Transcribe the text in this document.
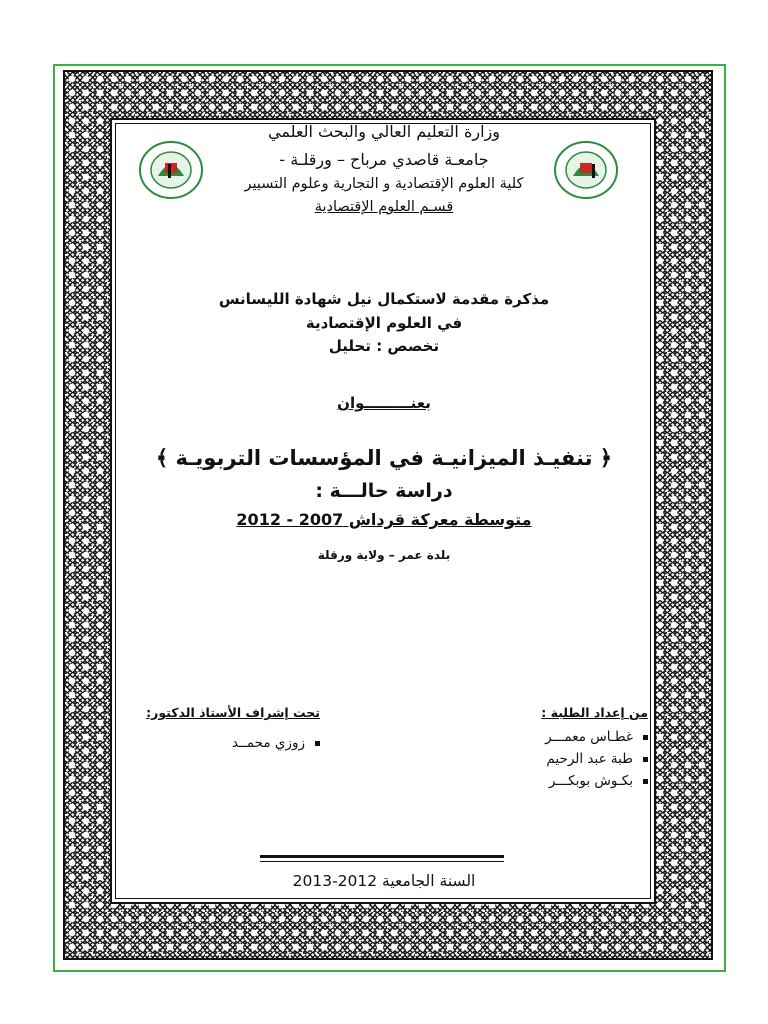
وزارة التعليم العالي والبحث العلمي
جامعـة قاصدي مرباح – ورقلـة -
كلية العلوم الإقتصادية و التجارية وعلوم التسيير
قسـم العلوم الإقتصادية
مذكرة مقدمة لاستكمال نيل شهادة الليسانس
في العلوم الإقتصادية
تخصص : تحليل
بعنـــــــــوان
﴿ تنفيـذ الميزانيـة في المؤسسات التربويـة ﴾
دراسة حالـــة :
متوسطة معركة قرداش 2007 - 2012
بلدة عمر – ولاية ورقلة
من إعداد الطلبة :
غطـاس معمـــر
طبة عبد الرحيم
بكـوش بوبكـــر
تحت إشراف الأستاذ الدكتور:
زوزي محمــد
السنة الجامعية 2012-2013
